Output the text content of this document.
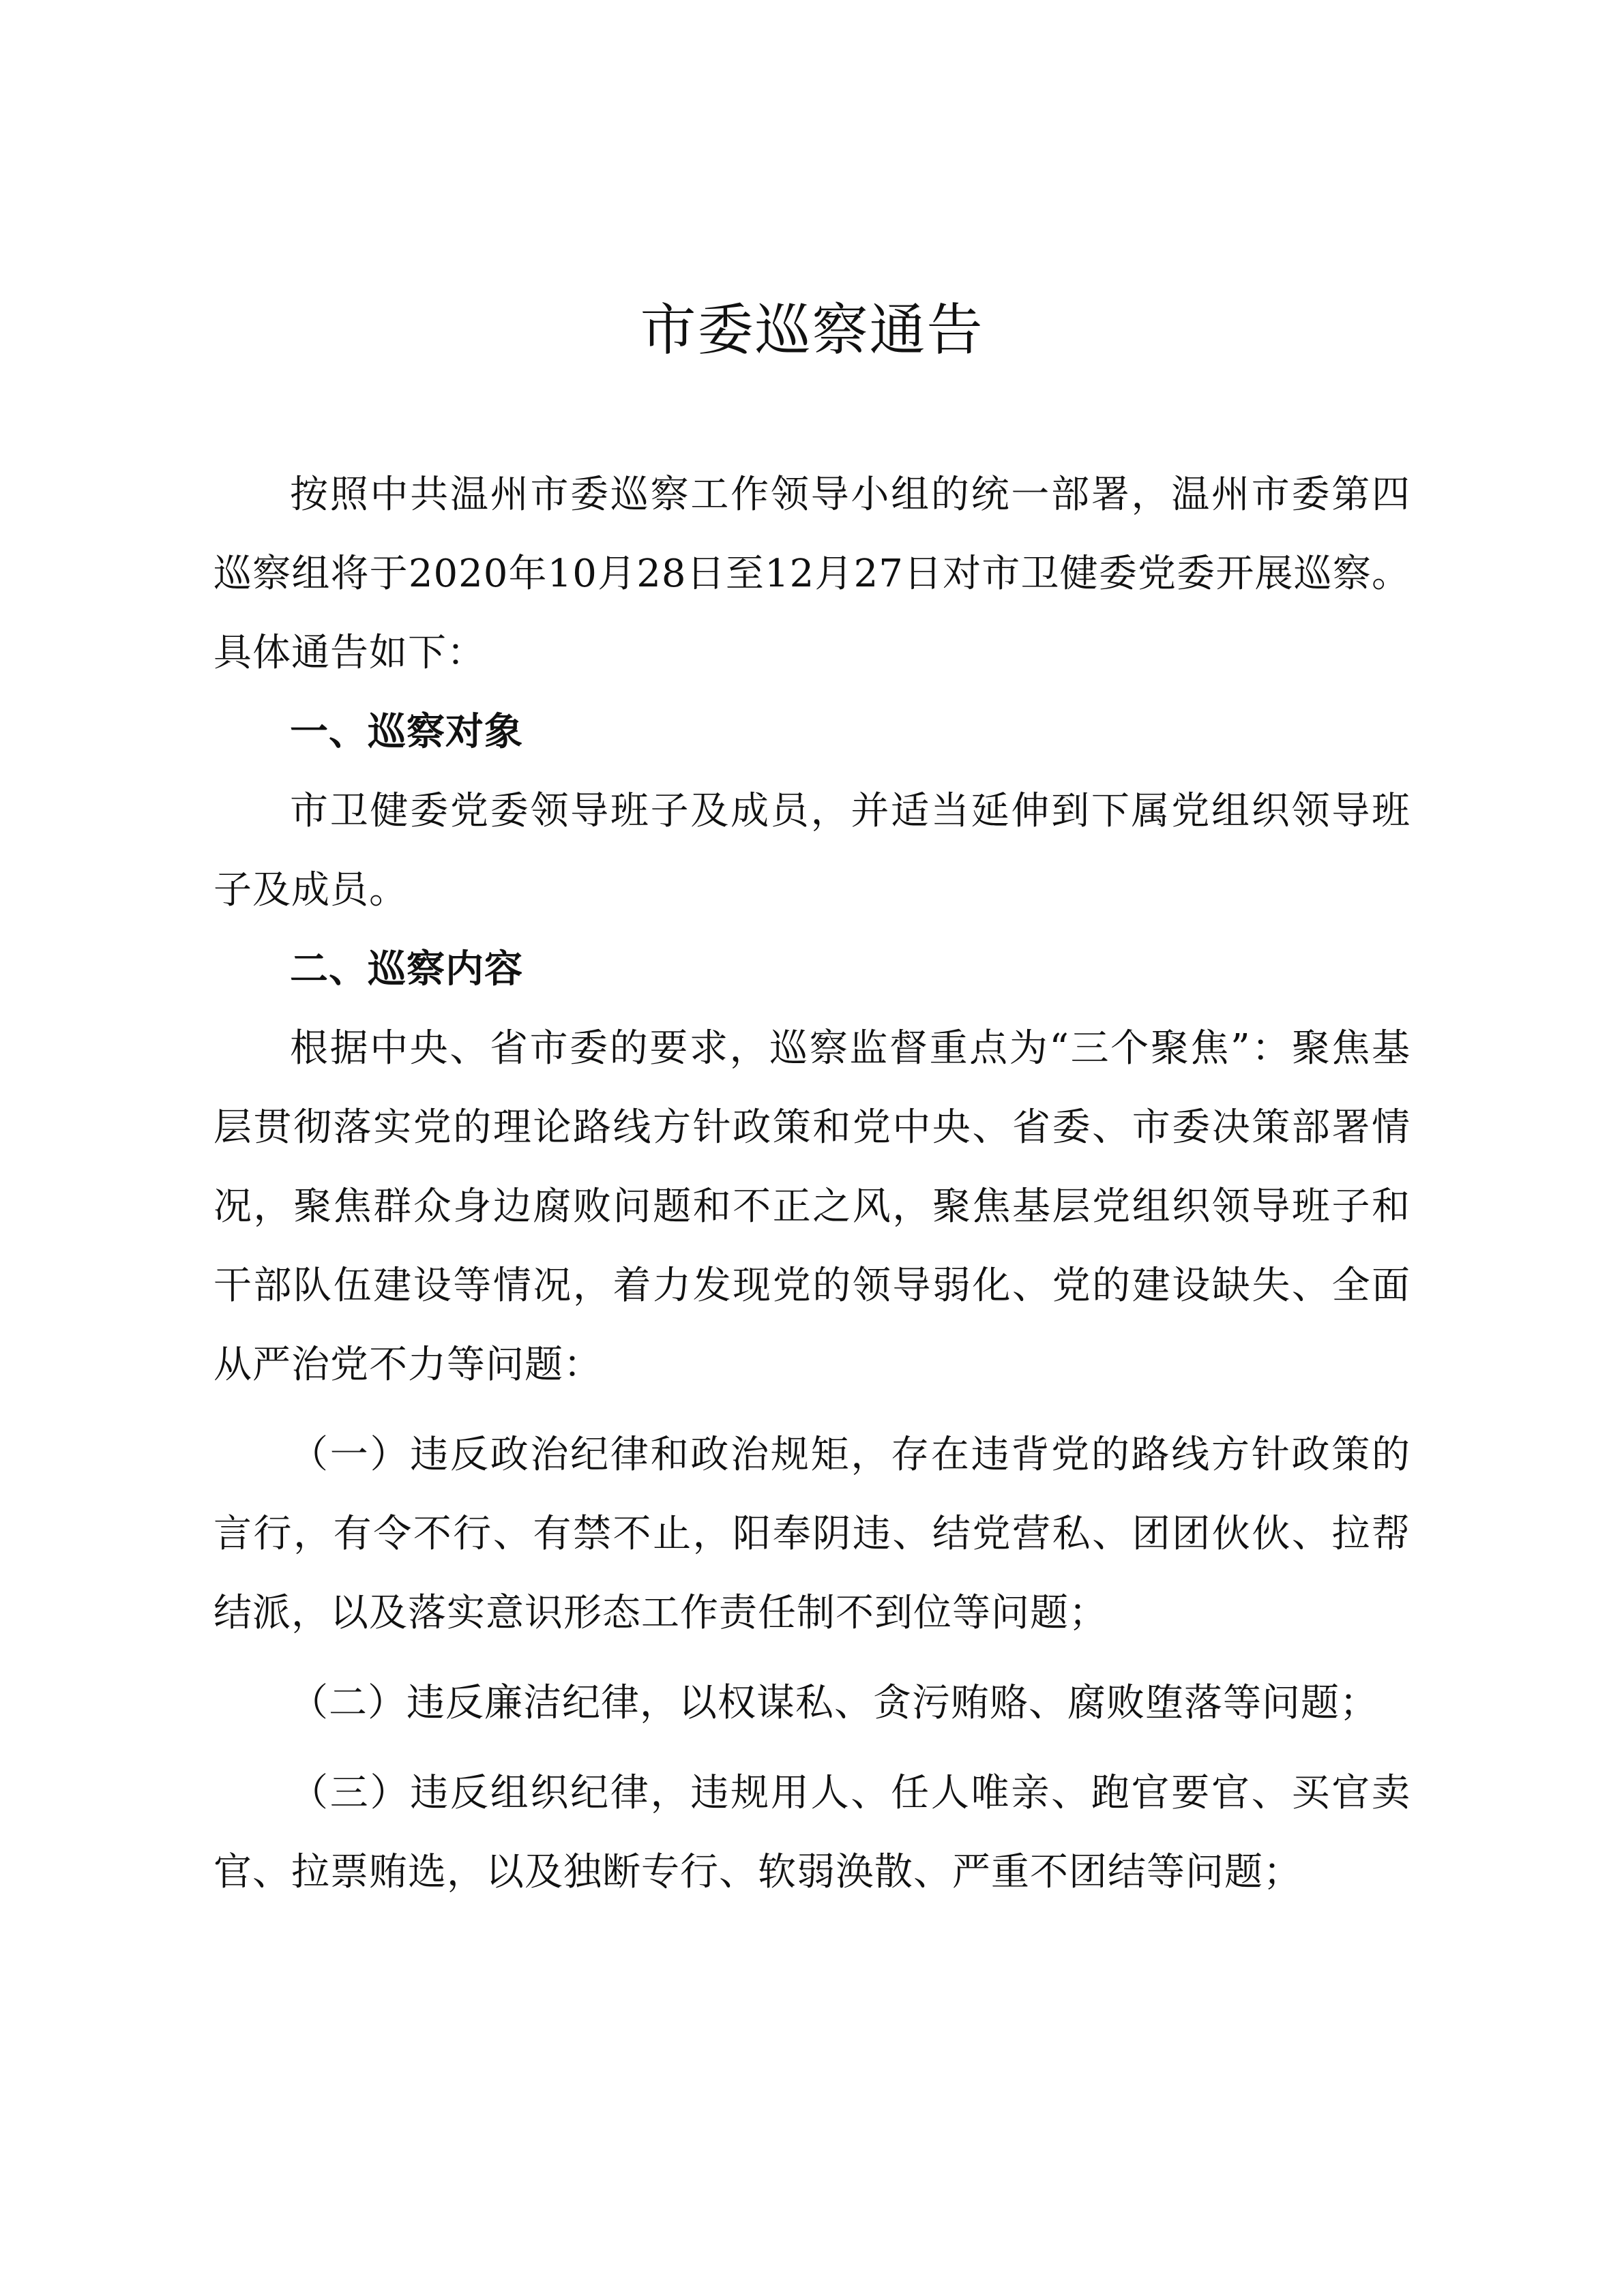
市委巡察通告

按照中共温州市委巡察工作领导小组的统一部署，温州市委第四巡察组将于2020年10月28日至12月27日对市卫健委党委开展巡察。具体通告如下：

一、巡察对象

市卫健委党委领导班子及成员，并适当延伸到下属党组织领导班子及成员。

二、巡察内容

根据中央、省市委的要求，巡察监督重点为“三个聚焦”：聚焦基层贯彻落实党的理论路线方针政策和党中央、省委、市委决策部署情况，聚焦群众身边腐败问题和不正之风，聚焦基层党组织领导班子和干部队伍建设等情况，着力发现党的领导弱化、党的建设缺失、全面从严治党不力等问题：

（一）违反政治纪律和政治规矩，存在违背党的路线方针政策的言行，有令不行、有禁不止，阳奉阴违、结党营私、团团伙伙、拉帮结派，以及落实意识形态工作责任制不到位等问题；

（二）违反廉洁纪律，以权谋私、贪污贿赂、腐败堕落等问题；

（三）违反组织纪律，违规用人、任人唯亲、跑官要官、买官卖官、拉票贿选，以及独断专行、软弱涣散、严重不团结等问题；
